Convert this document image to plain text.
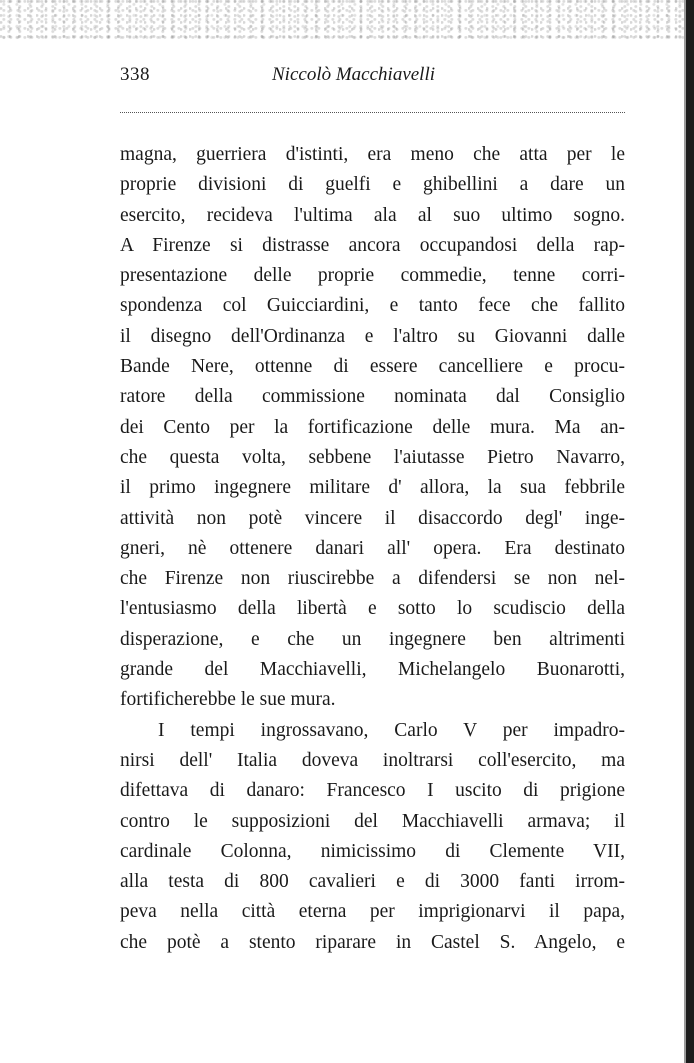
338	Niccolò Macchiavelli
magna, guerriera d'istinti, era meno che atta per le
proprie divisioni di guelfi e ghibellini a dare un
esercito, recideva l'ultima ala al suo ultimo sogno.
A Firenze si distrasse ancora occupandosi della rap-
presentazione delle proprie commedie, tenne corri-
spondenza col Guicciardini, e tanto fece che fallito
il disegno dell'Ordinanza e l'altro su Giovanni dalle
Bande Nere, ottenne di essere cancelliere e procu-
ratore della commissione nominata dal Consiglio
dei Cento per la fortificazione delle mura. Ma an-
che questa volta, sebbene l'aiutasse Pietro Navarro,
il primo ingegnere militare d' allora, la sua febbrile
attività non potè vincere il disaccordo degl' inge-
gneri, nè ottenere danari all' opera. Era destinato
che Firenze non riuscirebbe a difendersi se non nel-
l'entusiasmo della libertà e sotto lo scudiscio della
disperazione, e che un ingegnere ben altrimenti
grande del Macchiavelli, Michelangelo Buonarotti,
fortificherebbe le sue mura.
I tempi ingrossavano, Carlo V per impadro-
nirsi dell' Italia doveva inoltrarsi coll'esercito, ma
difettava di danaro: Francesco I uscito di prigione
contro le supposizioni del Macchiavelli armava; il
cardinale Colonna, nimicissimo di Clemente VII,
alla testa di 800 cavalieri e di 3000 fanti irrom-
peva nella città eterna per imprigionarvi il papa,
che potè a stento riparare in Castel S. Angelo, e
